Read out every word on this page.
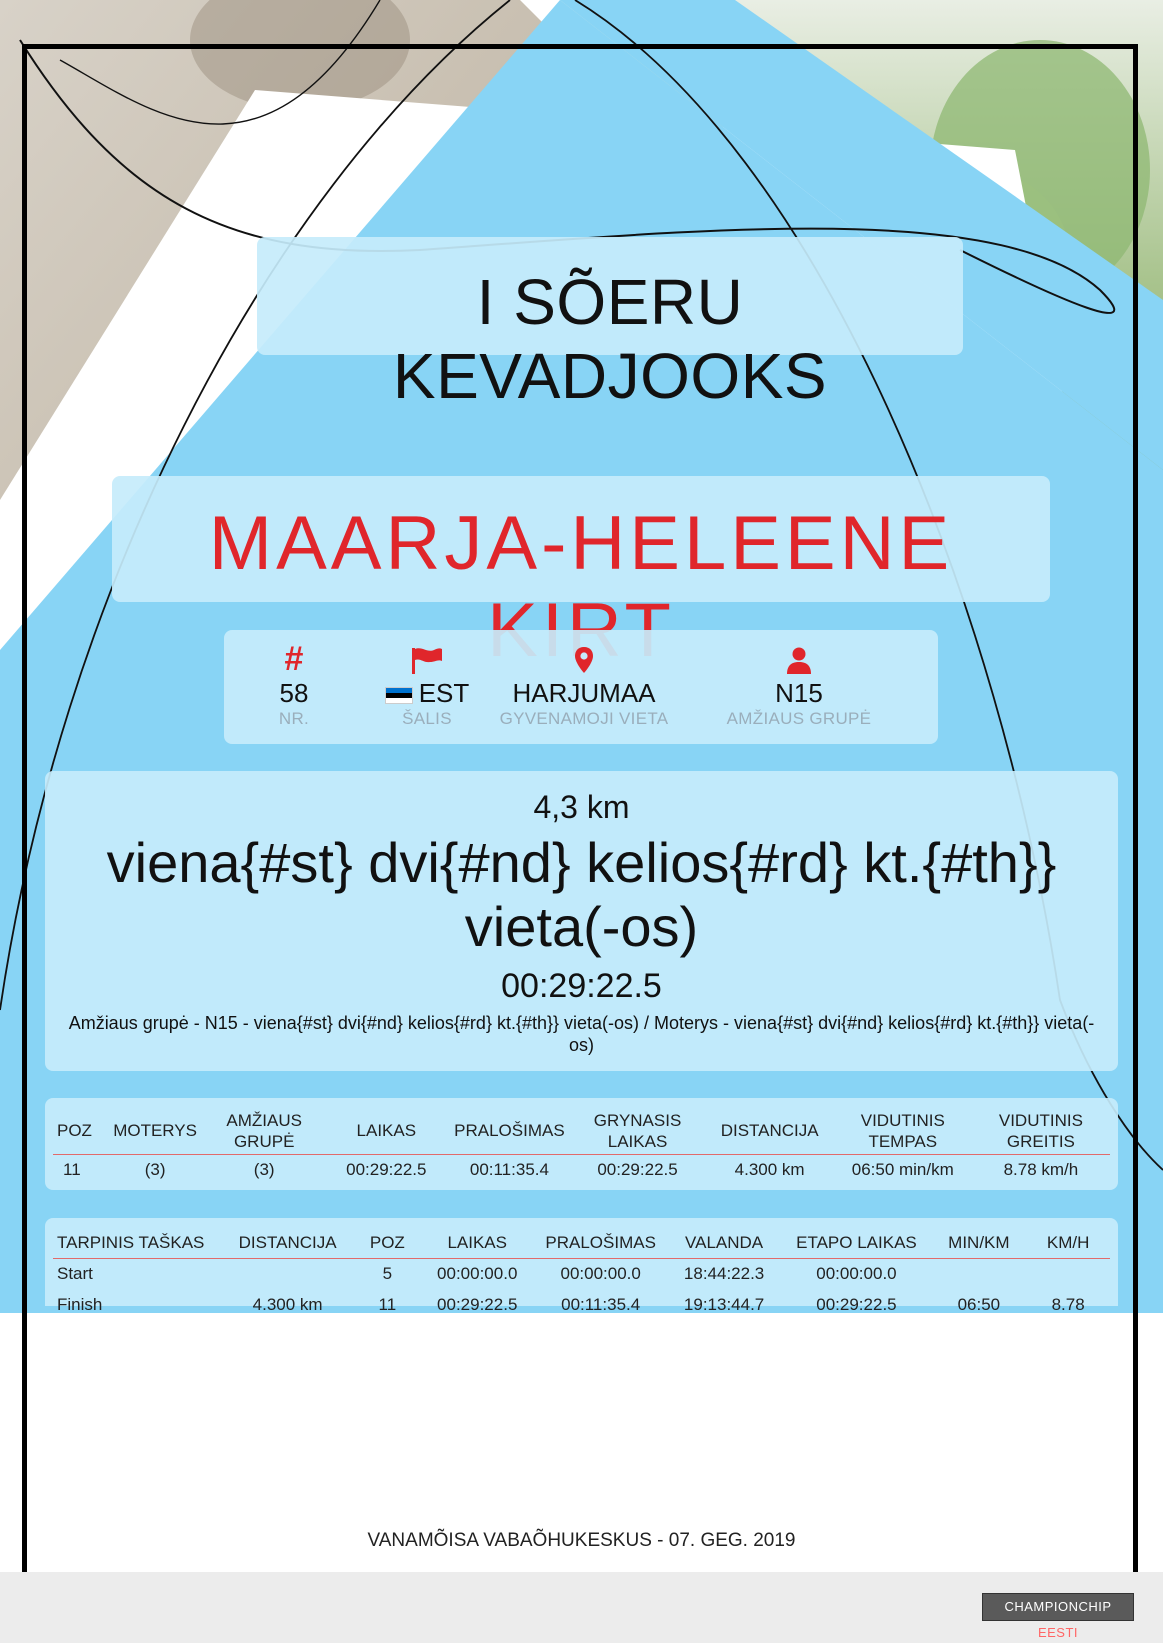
I SÕERU KEVADJOOKS
MAARJA-HELEENE
#
58
NR.
EST
ŠALIS
HARJUMAA
GYVENAMOJI VIETA
N15
AMŽIAUS GRUPĖ
4,3 km
viena{#st} dvi{#nd} kelios{#rd} kt.{#th}} vieta(-os)
00:29:22.5
Amžiaus grupė - N15 - viena{#st} dvi{#nd} kelios{#rd} kt.{#th}} vieta(-os) / Moterys - viena{#st} dvi{#nd} kelios{#rd} kt.{#th}} vieta(-os)
POZ	MOTERYS	AMŽIAUS GRUPĖ	LAIKAS	PRALOŠIMAS	GRYNASIS LAIKAS	DISTANCIJA	VIDUTINIS TEMPAS	VIDUTINIS GREITIS
11	(3)	(3)	00:29:22.5	00:11:35.4	00:29:22.5	4.300 km	06:50 min/km	8.78 km/h
TARPINIS TAŠKAS	DISTANCIJA	POZ	LAIKAS	PRALOŠIMAS	VALANDA	ETAPO LAIKAS	MIN/KM	KM/H
Start		5	00:00:00.0	00:00:00.0	18:44:22.3	00:00:00.0		
Finish	4.300 km	11	00:29:22.5	00:11:35.4	19:13:44.7	00:29:22.5	06:50	8.78
VANAMÕISA VABAÕHUKESKUS - 07. GEG. 2019
CHAMPIONCHIP EESTI
